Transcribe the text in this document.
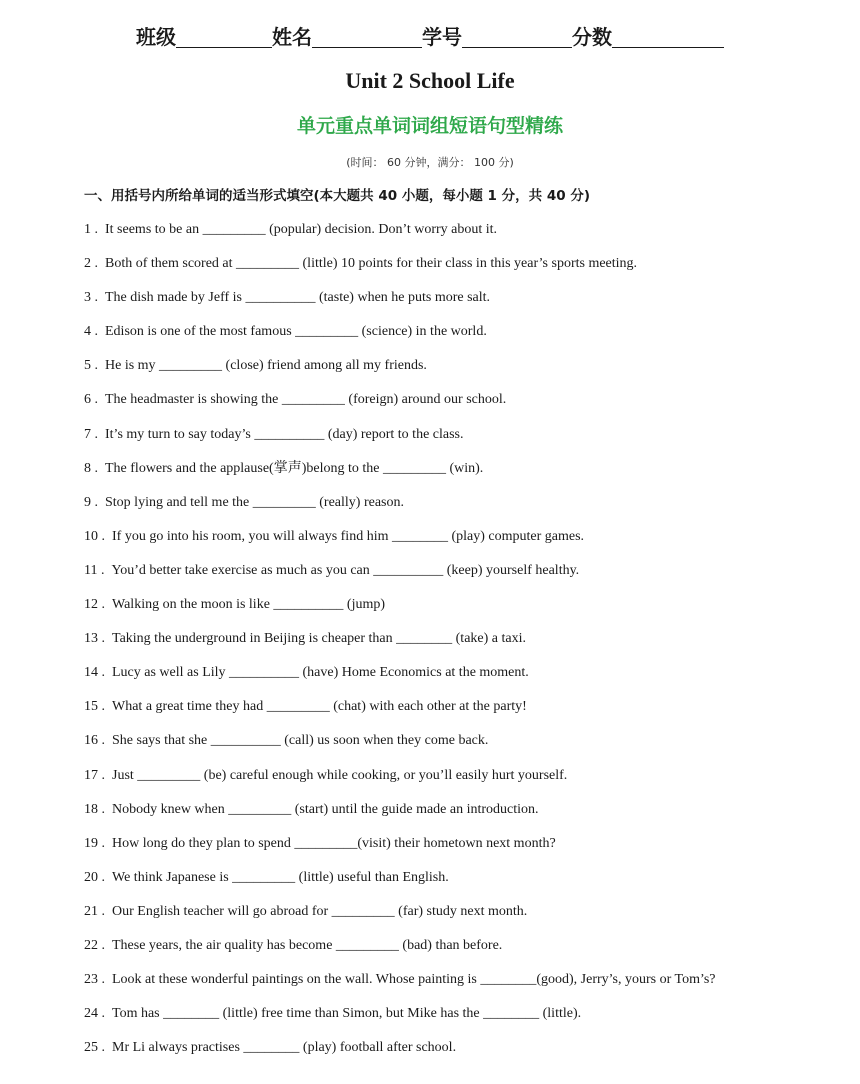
班级	姓名	学号	分数
Unit 2 School Life
单元重点单词词组短语句型精练
(时间： 60 分钟，满分： 100 分)
一、用括号内所给单词的适当形式填空(本大题共 40 小题，每小题 1 分，共 40 分)
1 . It seems to be an _________ (popular) decision. Don’t worry about it.
2 . Both of them scored at _________ (little) 10 points for their class in this year’s sports meeting.
3 . The dish made by Jeff is __________ (taste) when he puts more salt.
4 . Edison is one of the most famous _________ (science) in the world.
5 . He is my _________ (close) friend among all my friends.
6 . The headmaster is showing the _________ (foreign) around our school.
7 . It’s my turn to say today’s __________ (day) report to the class.
8 . The flowers and the applause(掌声)belong to the _________ (win).
9 . Stop lying and tell me the _________ (really) reason.
10 . If you go into his room, you will always find him ________ (play) computer games.
11 . You’d better take exercise as much as you can __________ (keep) yourself healthy.
12 . Walking on the moon is like __________ (jump)
13 . Taking the underground in Beijing is cheaper than ________ (take) a taxi.
14 . Lucy as well as Lily __________ (have) Home Economics at the moment.
15 . What a great time they had _________ (chat) with each other at the party!
16 . She says that she __________ (call) us soon when they come back.
17 . Just _________ (be) careful enough while cooking, or you’ll easily hurt yourself.
18 . Nobody knew when _________ (start) until the guide made an introduction.
19 . How long do they plan to spend _________(visit) their hometown next month?
20 . We think Japanese is _________ (little) useful than English.
21 . Our English teacher will go abroad for _________ (far) study next month.
22 . These years, the air quality has become _________ (bad) than before.
23 . Look at these wonderful paintings on the wall. Whose painting is ________(good), Jerry’s, yours or Tom’s?
24 . Tom has ________ (little) free time than Simon, but Mike has the ________ (little).
25 . Mr Li always practises ________ (play) football after school.
